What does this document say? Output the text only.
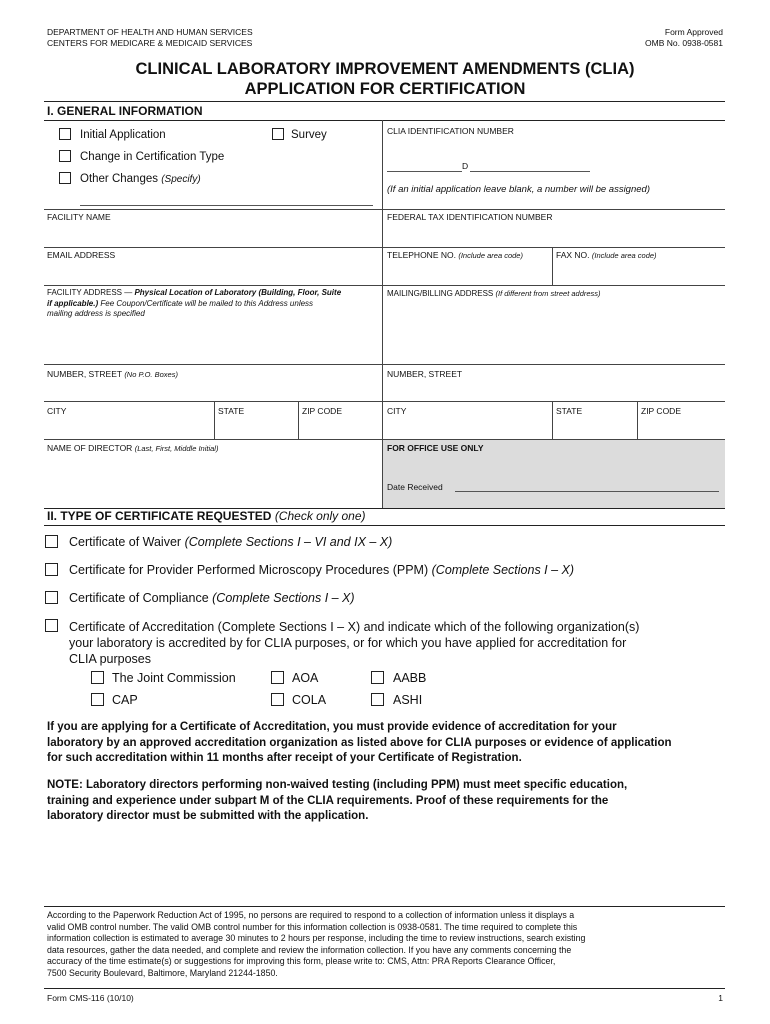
DEPARTMENT OF HEALTH AND HUMAN SERVICES
CENTERS FOR MEDICARE & MEDICAID SERVICES
Form Approved
OMB No. 0938-0581
CLINICAL LABORATORY IMPROVEMENT AMENDMENTS (CLIA)
APPLICATION FOR CERTIFICATION
I. GENERAL INFORMATION
Initial Application	Survey
Change in Certification Type
Other Changes (Specify)
CLIA IDENTIFICATION NUMBER
D
(If an initial application leave blank, a number will be assigned)
FACILITY NAME	FEDERAL TAX IDENTIFICATION NUMBER
EMAIL ADDRESS	TELEPHONE NO. (Include area code)	FAX NO. (Include area code)
FACILITY ADDRESS — Physical Location of Laboratory (Building, Floor, Suite
if applicable.) Fee Coupon/Certificate will be mailed to this Address unless
mailing address is specified
MAILING/BILLING ADDRESS (If different from street address)
NUMBER, STREET (No P.O. Boxes)	NUMBER, STREET
CITY	STATE	ZIP CODE	CITY	STATE	ZIP CODE
NAME OF DIRECTOR (Last, First, Middle Initial)	FOR OFFICE USE ONLY
Date Received
II. TYPE OF CERTIFICATE REQUESTED (Check only one)
Certificate of Waiver (Complete Sections I – VI and IX – X)
Certificate for Provider Performed Microscopy Procedures (PPM) (Complete Sections I – X)
Certificate of Compliance (Complete Sections I – X)
Certificate of Accreditation (Complete Sections I – X) and indicate which of the following organization(s)
your laboratory is accredited by for CLIA purposes, or for which you have applied for accreditation for
CLIA purposes
The Joint Commission	AOA	AABB
CAP	COLA	ASHI
If you are applying for a Certificate of Accreditation, you must provide evidence of accreditation for your
laboratory by an approved accreditation organization as listed above for CLIA purposes or evidence of application
for such accreditation within 11 months after receipt of your Certificate of Registration.
NOTE: Laboratory directors performing non-waived testing (including PPM) must meet specific education,
training and experience under subpart M of the CLIA requirements. Proof of these requirements for the
laboratory director must be submitted with the application.
According to the Paperwork Reduction Act of 1995, no persons are required to respond to a collection of information unless it displays a
valid OMB control number. The valid OMB control number for this information collection is 0938-0581. The time required to complete this
information collection is estimated to average 30 minutes to 2 hours per response, including the time to review instructions, search existing
data resources, gather the data needed, and complete and review the information collection. If you have any comments concerning the
accuracy of the time estimate(s) or suggestions for improving this form, please write to: CMS, Attn: PRA Reports Clearance Officer,
7500 Security Boulevard, Baltimore, Maryland 21244-1850.
Form CMS-116 (10/10)	1
